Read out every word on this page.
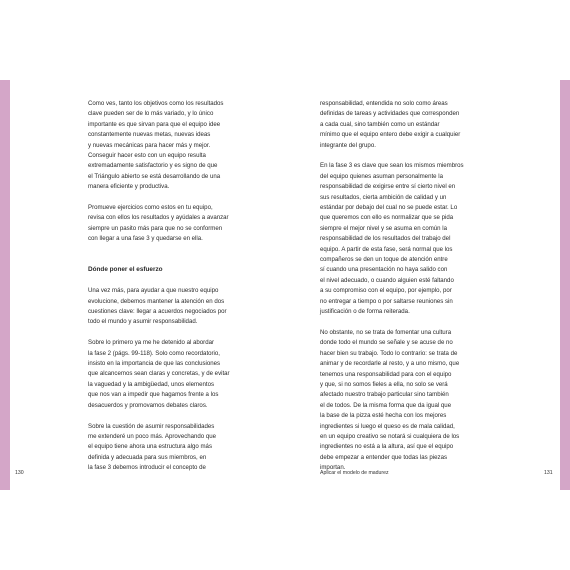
Como ves, tanto los objetivos como los resultados
clave pueden ser de lo más variado, y lo único
importante es que sirvan para que el equipo idee
constantemente nuevas metas, nuevas ideas
y nuevas mecánicas para hacer más y mejor.
Conseguir hacer esto con un equipo resulta
extremadamente satisfactorio y es signo de que
el Triángulo abierto se está desarrollando de una
manera eficiente y productiva.

Promueve ejercicios como estos en tu equipo,
revisa con ellos los resultados y ayúdales a avanzar
siempre un pasito más para que no se conformen
con llegar a una fase 3 y quedarse en ella.

Dónde poner el esfuerzo

Una vez más, para ayudar a que nuestro equipo
evolucione, debemos mantener la atención en dos
cuestiones clave: llegar a acuerdos negociados por
todo el mundo y asumir responsabilidad.

Sobre lo primero ya me he detenido al abordar
la fase 2 (págs. 99-118). Solo como recordatorio,
insisto en la importancia de que las conclusiones
que alcancemos sean claras y concretas, y de evitar
la vaguedad y la ambigüedad, unos elementos
que nos van a impedir que hagamos frente a los
desacuerdos y promovamos debates claros.

Sobre la cuestión de asumir responsabilidades
me extenderé un poco más. Aprovechando que
el equipo tiene ahora una estructura algo más
definida y adecuada para sus miembros, en
la fase 3 debemos introducir el concepto de

responsabilidad, entendida no solo como áreas
definidas de tareas y actividades que corresponden
a cada cual, sino también como un estándar
mínimo que el equipo entero debe exigir a cualquier
integrante del grupo.

En la fase 3 es clave que sean los mismos miembros
del equipo quienes asuman personalmente la
responsabilidad de exigirse entre sí cierto nivel en
sus resultados, cierta ambición de calidad y un
estándar por debajo del cual no se puede estar. Lo
que queremos con ello es normalizar que se pida
siempre el mejor nivel y se asuma en común la
responsabilidad de los resultados del trabajo del
equipo. A partir de esta fase, será normal que los
compañeros se den un toque de atención entre
sí cuando una presentación no haya salido con
el nivel adecuado, o cuando alguien esté faltando
a su compromiso con el equipo, por ejemplo, por
no entregar a tiempo o por saltarse reuniones sin
justificación o de forma reiterada.

No obstante, no se trata de fomentar una cultura
donde todo el mundo se señale y se acuse de no
hacer bien su trabajo. Todo lo contrario: se trata de
animar y de recordarle al resto, y a uno mismo, que
tenemos una responsabilidad para con el equipo
y que, si no somos fieles a ella, no solo se verá
afectado nuestro trabajo particular sino también
el de todos. De la misma forma que da igual que
la base de la pizza esté hecha con los mejores
ingredientes si luego el queso es de mala calidad,
en un equipo creativo se notará si cualquiera de los
ingredientes no está a la altura, así que el equipo
debe empezar a entender que todas las piezas
importan.

130	Aplicar el modelo de madurez	131
